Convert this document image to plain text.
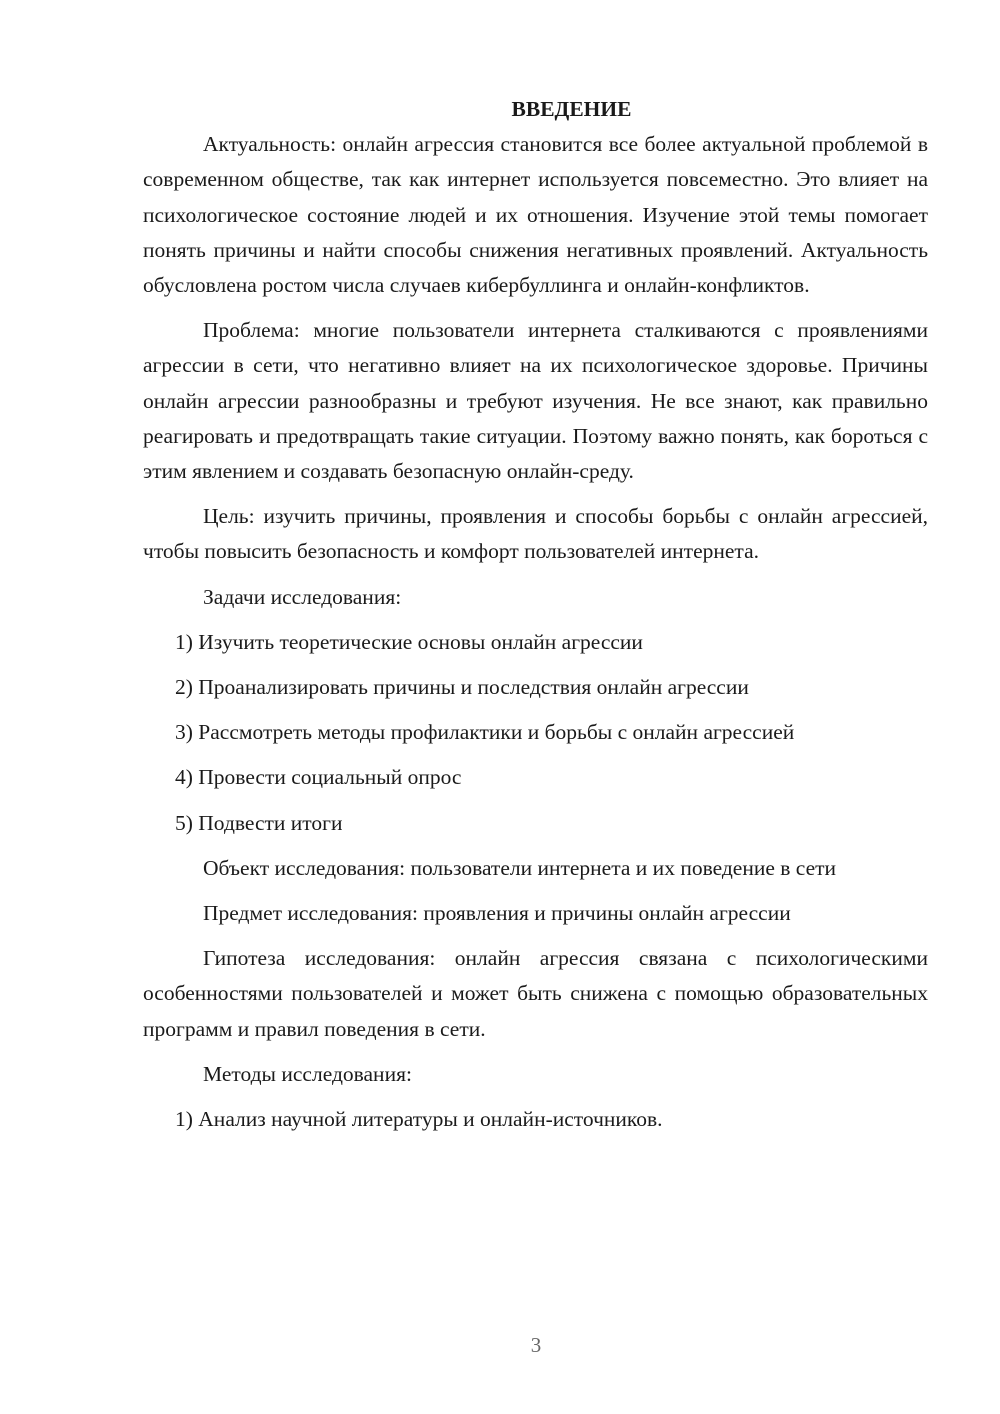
ВВЕДЕНИЕ

Актуальность: онлайн агрессия становится все более актуальной проблемой в современном обществе, так как интернет используется повсеместно. Это влияет на психологическое состояние людей и их отношения. Изучение этой темы помогает понять причины и найти способы снижения негативных проявлений. Актуальность обусловлена ростом числа случаев кибербуллинга и онлайн-конфликтов.

Проблема: многие пользователи интернета сталкиваются с проявлениями агрессии в сети, что негативно влияет на их психологическое здоровье. Причины онлайн агрессии разнообразны и требуют изучения. Не все знают, как правильно реагировать и предотвращать такие ситуации. Поэтому важно понять, как бороться с этим явлением и создавать безопасную онлайн-среду.

Цель: изучить причины, проявления и способы борьбы с онлайн агрессией, чтобы повысить безопасность и комфорт пользователей интернета.

Задачи исследования:

1) Изучить теоретические основы онлайн агрессии

2) Проанализировать причины и последствия онлайн агрессии

3) Рассмотреть методы профилактики и борьбы с онлайн агрессией

4) Провести социальный опрос

5) Подвести итоги

Объект исследования: пользователи интернета и их поведение в сети

Предмет исследования: проявления и причины онлайн агрессии

Гипотеза исследования: онлайн агрессия связана с психологическими особенностями пользователей и может быть снижена с помощью образовательных программ и правил поведения в сети.

Методы исследования:

1) Анализ научной литературы и онлайн-источников.

3
